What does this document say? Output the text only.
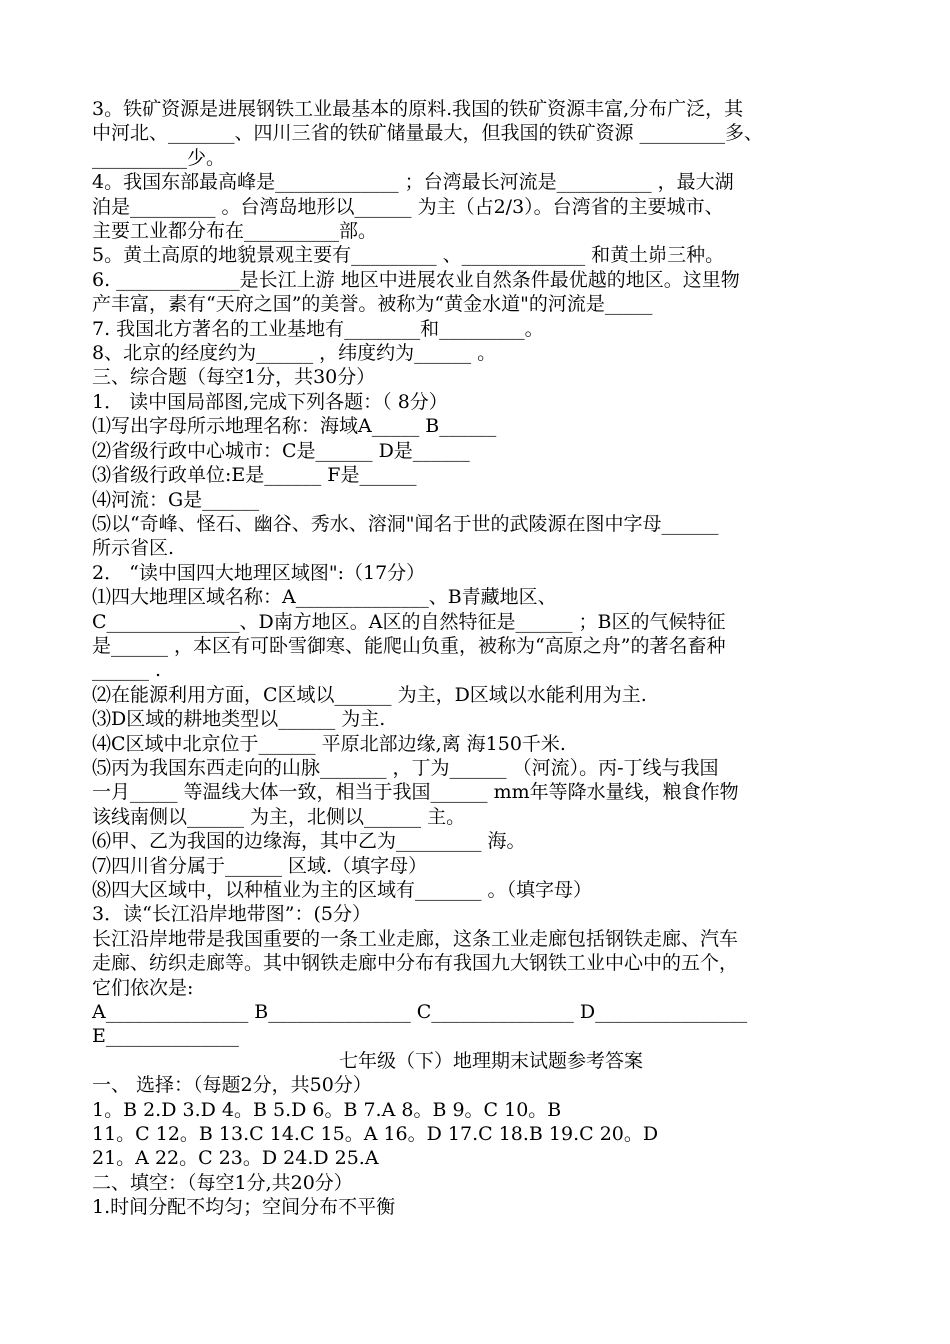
3。铁矿资源是进展钢铁工业最基本的原料.我国的铁矿资源丰富,分布广泛，其

中河北、_______、四川三省的铁矿储量最大，但我国的铁矿资源 _________多、

__________少。

4。我国东部最高峰是_____________ ；台湾最长河流是__________ ，最大湖

泊是_________ 。台湾岛地形以______ 为主（占2/3）。台湾省的主要城市、

主要工业都分布在__________部。

5。黄土高原的地貌景观主要有_________ 、_____________ 和黄土峁三种。

6. _____________是长江上游 地区中进展农业自然条件最优越的地区。这里物

产丰富，素有“天府之国”的美誉。被称为“黄金水道"的河流是_____

7. 我国北方著名的工业基地有________和_________。

8、北京的经度约为______ ，纬度约为______ 。

三、综合题（每空1分，共30分）

1． 读中国局部图,完成下列各题：（ 8分）

⑴写出字母所示地理名称：海域A_____ B______

⑵省级行政中心城市：C是______ D是______

⑶省级行政单位:E是______ F是______

⑷河流：G是______

⑸以“奇峰、怪石、幽谷、秀水、溶洞"闻名于世的武陵源在图中字母______

所示省区.

2． “读中国四大地理区域图":（17分）

⑴四大地理区域名称：A______________、B青藏地区、

C______________、D南方地区。A区的自然特征是______ ；B区的气候特征

是______ ，本区有可卧雪御寒、能爬山负重，被称为“高原之舟”的著名畜种

______ .

⑵在能源利用方面，C区域以______ 为主，D区域以水能利用为主.

⑶D区域的耕地类型以______ 为主.

⑷C区域中北京位于______ 平原北部边缘,离 海150千米.

⑸丙为我国东西走向的山脉_______ ，丁为______ （河流）。丙-丁线与我国

一月_____ 等温线大体一致，相当于我国______ mm年等降水量线，粮食作物

该线南侧以______ 为主，北侧以______ 主。

⑹甲、乙为我国的边缘海，其中乙为_________ 海。

⑺四川省分属于______ 区域.（填字母）

⑻四大区域中，以种植业为主的区域有_______ 。（填字母）

3．读“长江沿岸地带图”：(5分）

长江沿岸地带是我国重要的一条工业走廊，这条工业走廊包括钢铁走廊、汽车

走廊、纺织走廊等。其中钢铁走廊中分布有我国九大钢铁工业中心中的五个，

它们依次是:

A_______________ B_______________ C_______________ D________________

E______________

七年级（下）地理期末试题参考答案

一、 选择：（每题2分，共50分）

1。B 2.D 3.D 4。B 5.D 6。B 7.A 8。B 9。C 10。B

11。C 12。B 13.C 14.C 15。A 16。D 17.C 18.B 19.C 20。D

21。A 22。C 23。D 24.D 25.A

二、填空：（每空1分,共20分）

1.时间分配不均匀；空间分布不平衡
